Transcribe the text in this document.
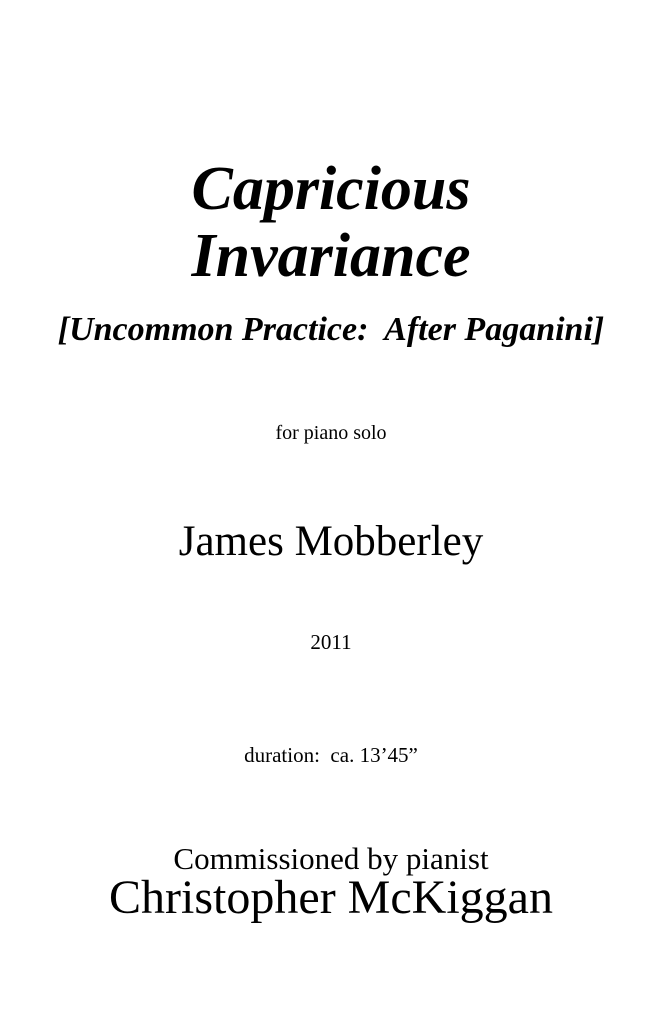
Capricious
Invariance
[Uncommon Practice:  After Paganini]
for piano solo
James Mobberley
2011
duration:  ca. 13’45”
Commissioned by pianist
Christopher McKiggan
